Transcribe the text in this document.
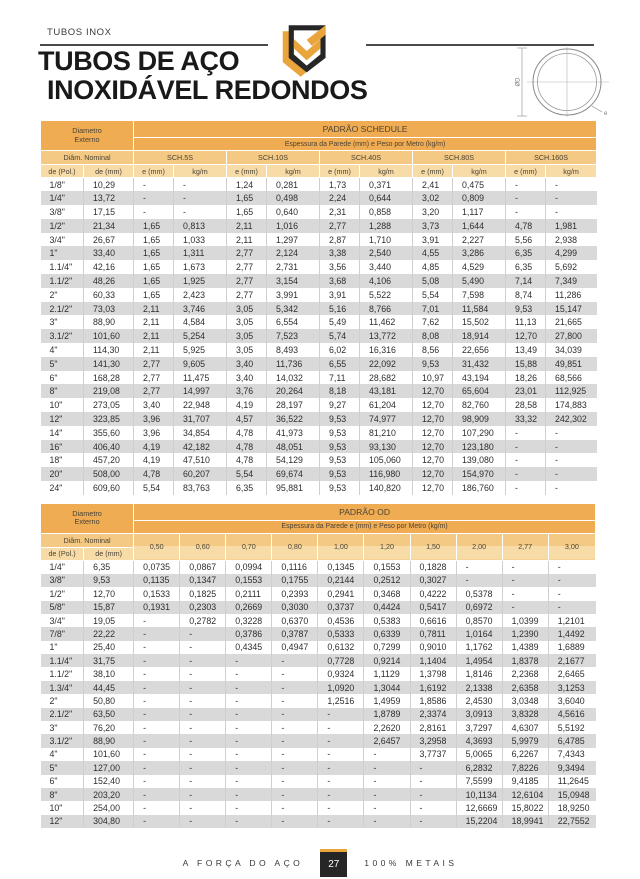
TUBOS INOX
TUBOS DE AÇO
INOXIDÁVEL REDONDOS	ØD
e
Diametro
Externo		PADRÃO SCHEDULE									
		Espessura da Parede (mm) e Peso por Metro (kg/m)									
Diâm. Nominal		SCH.5S		SCH.10S		SCH.40S		SCH.80S		SCH.160S	
de (Pol.)	de (mm)	e (mm)	kg/m	e (mm)	kg/m	e (mm)	kg/m	e (mm)	kg/m	e (mm)	kg/m
1/8"	10,29	-	-	1,24	0,281	1,73	0,371	2,41	0,475	-	-
1/4"	13,72	-	-	1,65	0,498	2,24	0,644	3,02	0,809	-	-
3/8"	17,15	-	-	1,65	0,640	2,31	0,858	3,20	1,117	-	-
1/2"	21,34	1,65	0,813	2,11	1,016	2,77	1,288	3,73	1,644	4,78	1,981
3/4"	26,67	1,65	1,033	2,11	1,297	2,87	1,710	3,91	2,227	5,56	2,938
1"	33,40	1,65	1,311	2,77	2,124	3,38	2,540	4,55	3,286	6,35	4,299
1.1/4"	42,16	1,65	1,673	2,77	2,731	3,56	3,440	4,85	4,529	6,35	5,692
1.1/2"	48,26	1,65	1,925	2,77	3,154	3,68	4,106	5,08	5,490	7,14	7,349
2"	60,33	1,65	2,423	2,77	3,991	3,91	5,522	5,54	7,598	8,74	11,286
2.1/2"	73,03	2,11	3,746	3,05	5,342	5,16	8,766	7,01	11,584	9,53	15,147
3"	88,90	2,11	4,584	3,05	6,554	5,49	11,462	7,62	15,502	11,13	21,665
3.1/2"	101,60	2,11	5,254	3,05	7,523	5,74	13,772	8,08	18,914	12,70	27,800
4"	114,30	2,11	5,925	3,05	8,493	6,02	16,316	8,56	22,656	13,49	34,039
5"	141,30	2,77	9,605	3,40	11,736	6,55	22,092	9,53	31,432	15,88	49,851
6"	168,28	2,77	11,475	3,40	14,032	7,11	28,682	10,97	43,194	18,26	68,566
8"	219,08	2,77	14,997	3,76	20,264	8,18	43,181	12,70	65,604	23,01	112,925
10"	273,05	3,40	22,948	4,19	28,197	9,27	61,204	12,70	82,760	28,58	174,883
12"	323,85	3,96	31,707	4,57	36,522	9,53	74,977	12,70	98,909	33,32	242,302
14"	355,60	3,96	34,854	4,78	41,973	9,53	81,210	12,70	107,290	-	-
16"	406,40	4,19	42,182	4,78	48,051	9,53	93,130	12,70	123,180	-	-
18"	457,20	4,19	47,510	4,78	54,129	9,53	105,060	12,70	139,080	-	-
20"	508,00	4,78	60,207	5,54	69,674	9,53	116,980	12,70	154,970	-	-
24"	609,60	5,54	83,763	6,35	95,881	9,53	140,820	12,70	186,760	-	-
Diametro
Externo		PADRÃO OD									
		Espessura da Parede e (mm) e Peso por Metro (kg/m)									
Diâm. Nominal		0,50	0,60	0,70	0,80	1,00	1,20	1,50	2,00	2,77	3,00
de (Pol.)	de (mm)										
1/4"	6,35	0,0735	0,0867	0,0994	0,1116	0,1345	0,1553	0,1828	-	-	-
3/8"	9,53	0,1135	0,1347	0,1553	0,1755	0,2144	0,2512	0,3027	-	-	-
1/2"	12,70	0,1533	0,1825	0,2111	0,2393	0,2941	0,3468	0,4222	0,5378	-	-
5/8"	15,87	0,1931	0,2303	0,2669	0,3030	0,3737	0,4424	0,5417	0,6972	-	-
3/4"	19,05	-	0,2782	0,3228	0,6370	0,4536	0,5383	0,6616	0,8570	1,0399	1,2101
7/8"	22,22	-	-	0,3786	0,3787	0,5333	0,6339	0,7811	1,0164	1,2390	1,4492
1"	25,40	-	-	0,4345	0,4947	0,6132	0,7299	0,9010	1,1762	1,4389	1,6889
1.1/4"	31,75	-	-	-	-	0,7728	0,9214	1,1404	1,4954	1,8378	2,1677
1.1/2"	38,10	-	-	-	-	0,9324	1,1129	1,3798	1,8146	2,2368	2,6465
1.3/4"	44,45	-	-	-	-	1,0920	1,3044	1,6192	2,1338	2,6358	3,1253
2"	50,80	-	-	-	-	1,2516	1,4959	1,8586	2,4530	3,0348	3,6040
2.1/2"	63,50	-	-	-	-	-	1,8789	2,3374	3,0913	3,8328	4,5616
3"	76,20	-	-	-	-	-	2,2620	2,8161	3,7297	4,6307	5,5192
3.1/2"	88,90	-	-	-	-	-	2,6457	3,2958	4,3693	5,9979	6,4785
4"	101,60	-	-	-	-	-	-	3,7737	5,0065	6,2267	7,4343
5"	127,00	-	-	-	-	-	-	-	6,2832	7,8226	9,3494
6"	152,40	-	-	-	-	-	-	-	7,5599	9,4185	11,2645
8"	203,20	-	-	-	-	-	-	-	10,1134	12,6104	15,0948
10"	254,00	-	-	-	-	-	-	-	12,6669	15,8022	18,9250
12"	304,80	-	-	-	-	-	-	-	15,2204	18,9941	22,7552
A FORÇA DO AÇO 27	100% METAIS
